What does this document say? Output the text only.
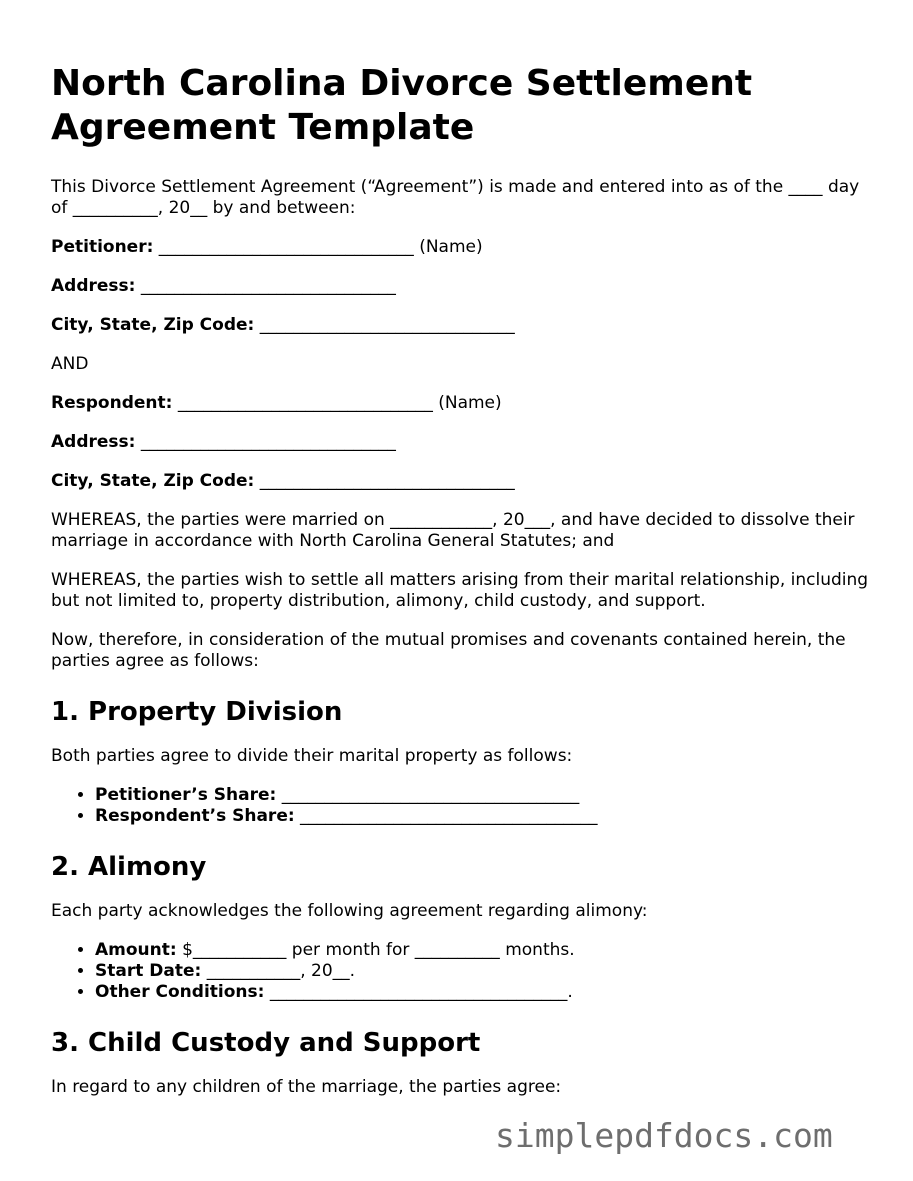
North Carolina Divorce Settlement Agreement Template

This Divorce Settlement Agreement (“Agreement”) is made and entered into as of the ____ day of __________, 20__ by and between:

Petitioner: ______________________________ (Name)

Address: ______________________________

City, State, Zip Code: ______________________________

AND

Respondent: ______________________________ (Name)

Address: ______________________________

City, State, Zip Code: ______________________________

WHEREAS, the parties were married on ____________, 20___, and have decided to dissolve their marriage in accordance with North Carolina General Statutes; and

WHEREAS, the parties wish to settle all matters arising from their marital relationship, including but not limited to, property distribution, alimony, child custody, and support.

Now, therefore, in consideration of the mutual promises and covenants contained herein, the parties agree as follows:

1. Property Division

Both parties agree to divide their marital property as follows:

• Petitioner’s Share: ___________________________________
• Respondent’s Share: ___________________________________
2. Alimony

Each party acknowledges the following agreement regarding alimony:

• Amount: $___________ per month for __________ months.
• Start Date: ___________, 20__.
• Other Conditions: ___________________________________.
3. Child Custody and Support

In regard to any children of the marriage, the parties agree:

simplepdfdocs.com
